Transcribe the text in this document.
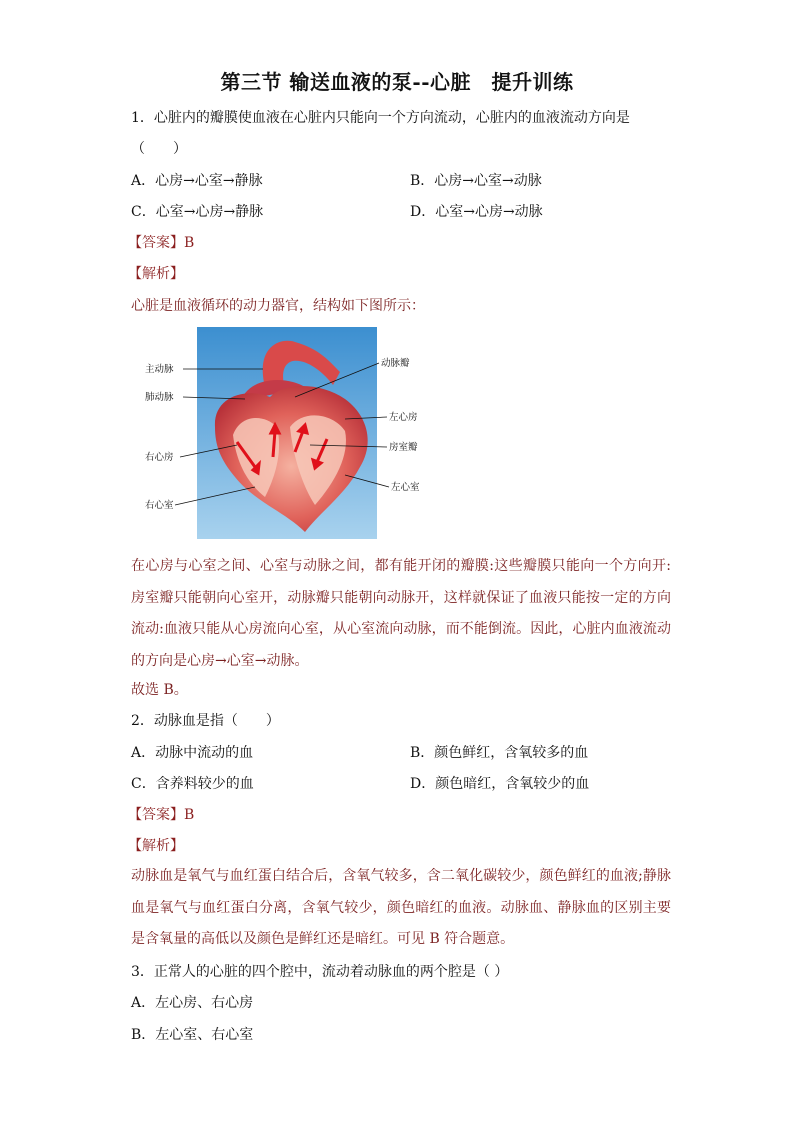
第三节 输送血液的泵--心脏　提升训练
1．心脏内的瓣膜使血液在心脏内只能向一个方向流动，心脏内的血液流动方向是
（　　）
A．心房→心室→静脉	B．心房→心室→动脉
C．心室→心房→静脉	D．心室→心房→动脉
【答案】B
【解析】
心脏是血液循环的动力器官，结构如下图所示：
主动脉
肺动脉
右心房
右心室
动脉瓣
左心房
房室瓣
左心室
在心房与心室之间、心室与动脉之间，都有能开闭的瓣膜:这些瓣膜只能向一个方向开:房室瓣只能朝向心室开，动脉瓣只能朝向动脉开，这样就保证了血液只能按一定的方向流动:血液只能从心房流向心室，从心室流向动脉，而不能倒流。因此，心脏内血液流动的方向是心房→心室→动脉。
故选 B。
2．动脉血是指（　　）
A．动脉中流动的血	B．颜色鲜红，含氧较多的血
C．含养料较少的血	D．颜色暗红，含氧较少的血
【答案】B
【解析】
动脉血是氧气与血红蛋白结合后，含氧气较多，含二氧化碳较少，颜色鲜红的血液;静脉血是氧气与血红蛋白分离，含氧气较少，颜色暗红的血液。动脉血、静脉血的区别主要是含氧量的高低以及颜色是鲜红还是暗红。可见 B 符合题意。
3．正常人的心脏的四个腔中，流动着动脉血的两个腔是（ ）
A．左心房、右心房
B．左心室、右心室
